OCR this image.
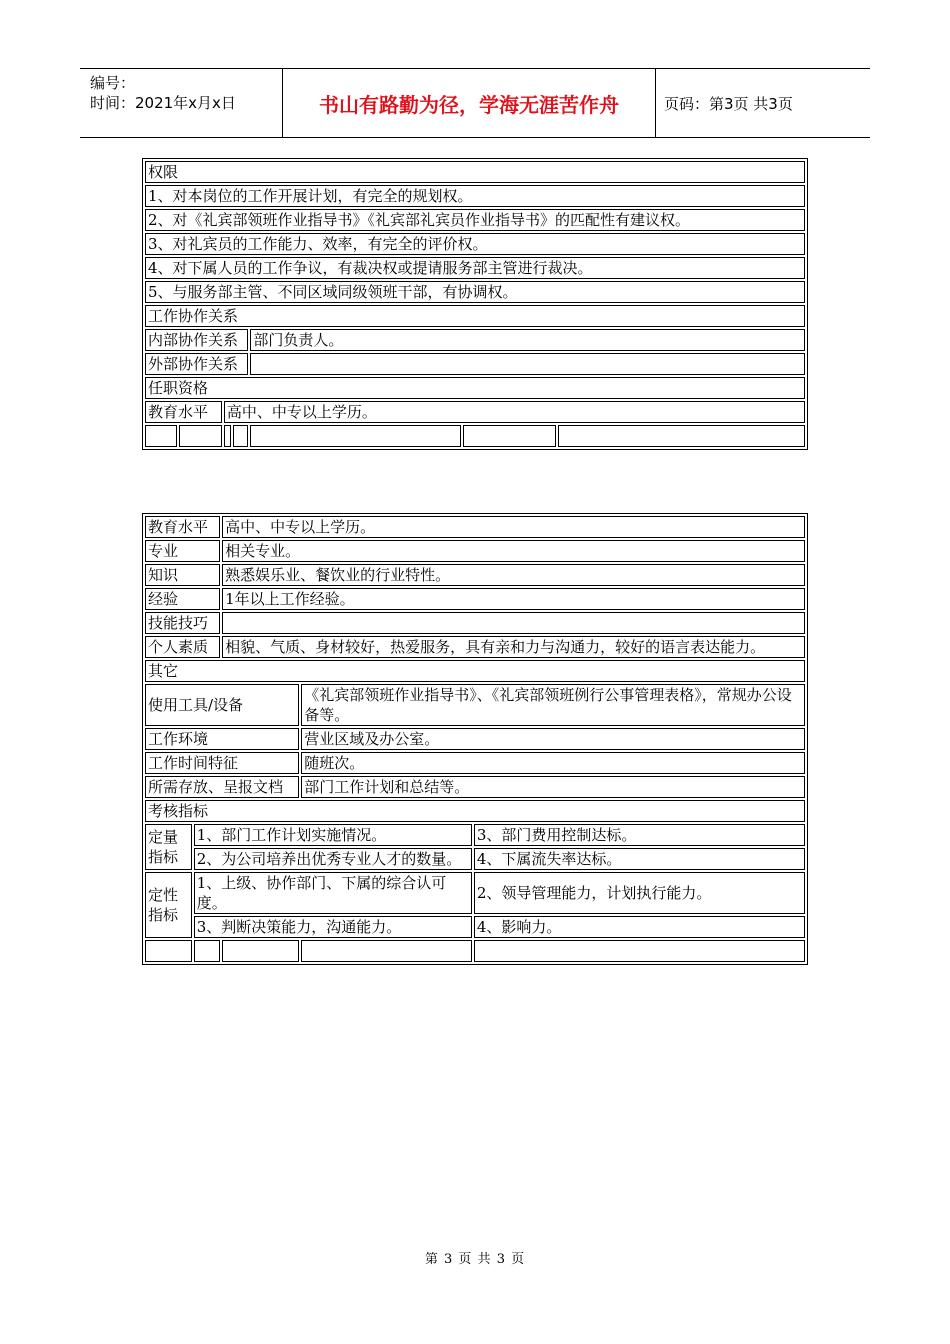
编号：
时间：2021年x月x日	书山有路勤为径，学海无涯苦作舟	页码：第3页 共3页
权限						
1、对本岗位的工作开展计划，有完全的规划权。						
2、对《礼宾部领班作业指导书》《礼宾部礼宾员作业指导书》的匹配性有建议权。						
3、对礼宾员的工作能力、效率，有完全的评价权。						
4、对下属人员的工作争议，有裁决权或提请服务部主管进行裁决。						
5、与服务部主管、不同区域同级领班干部，有协调权。						
工作协作关系						
内部协作关系				部门负责人。		
外部协作关系						
任职资格						
教育水平		高中、中专以上学历。				

教育水平		高中、中专以上学历。		
专业		相关专业。		
知识		熟悉娱乐业、餐饮业的行业特性。		
经验		1年以上工作经验。		
技能技巧				
个人素质		相貌、气质、身材较好，热爱服务，具有亲和力与沟通力，较好的语言表达能力。		
其它				
使用工具/设备			《礼宾部领班作业指导书》、《礼宾部领班例行公事管理表格》，常规办公设备等。	
工作环境			营业区域及办公室。	
工作时间特征			随班次。	
所需存放、呈报文档			部门工作计划和总结等。	
考核指标				
定量指标	1、部门工作计划实施情况。			3、部门费用控制达标。
	2、为公司培养出优秀专业人才的数量。			4、下属流失率达标。
定性指标	1、上级、协作部门、下属的综合认可度。			2、领导管理能力，计划执行能力。
	3、判断决策能力，沟通能力。			4、影响力。

第 3 页 共 3 页
